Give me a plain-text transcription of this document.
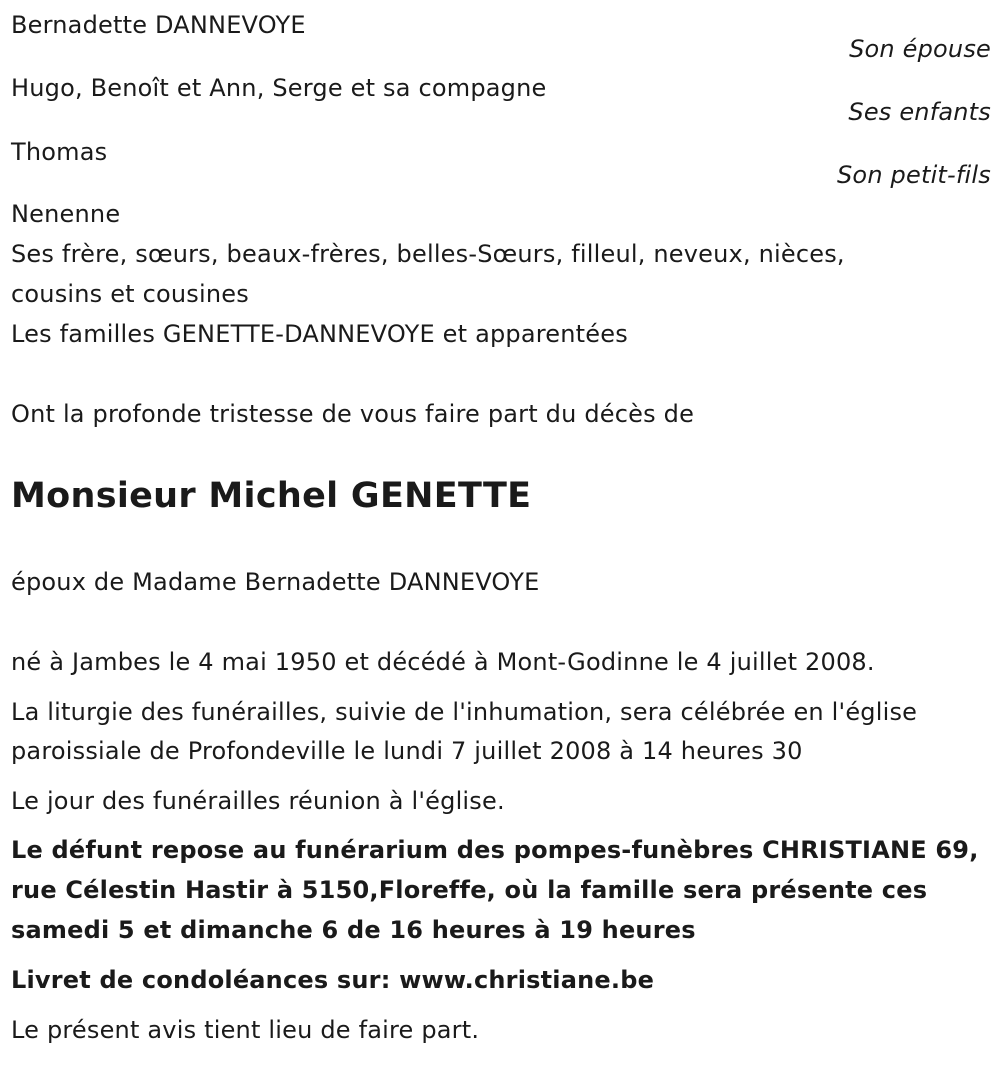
Bernadette DANNEVOYE
Son épouse
Hugo, Benoît et Ann, Serge et sa compagne
Ses enfants
Thomas
Son petit-fils
Nenenne
Ses frère, sœurs, beaux-frères, belles-Sœurs, filleul, neveux, nièces,
cousins et cousines
Les familles GENETTE-DANNEVOYE et apparentées
Ont la profonde tristesse de vous faire part du décès de
Monsieur Michel GENETTE
époux de Madame Bernadette DANNEVOYE
né à Jambes le 4 mai 1950 et décédé à Mont-Godinne le 4 juillet 2008.
La liturgie des funérailles, suivie de l'inhumation, sera célébrée en l'église
paroissiale de Profondeville le lundi 7 juillet 2008 à 14 heures 30
Le jour des funérailles réunion à l'église.
Le défunt repose au funérarium des pompes-funèbres CHRISTIANE 69,
rue Célestin Hastir à 5150,Floreffe, où la famille sera présente ces
samedi 5 et dimanche 6 de 16 heures à 19 heures
Livret de condoléances sur: www.christiane.be
Le présent avis tient lieu de faire part.
